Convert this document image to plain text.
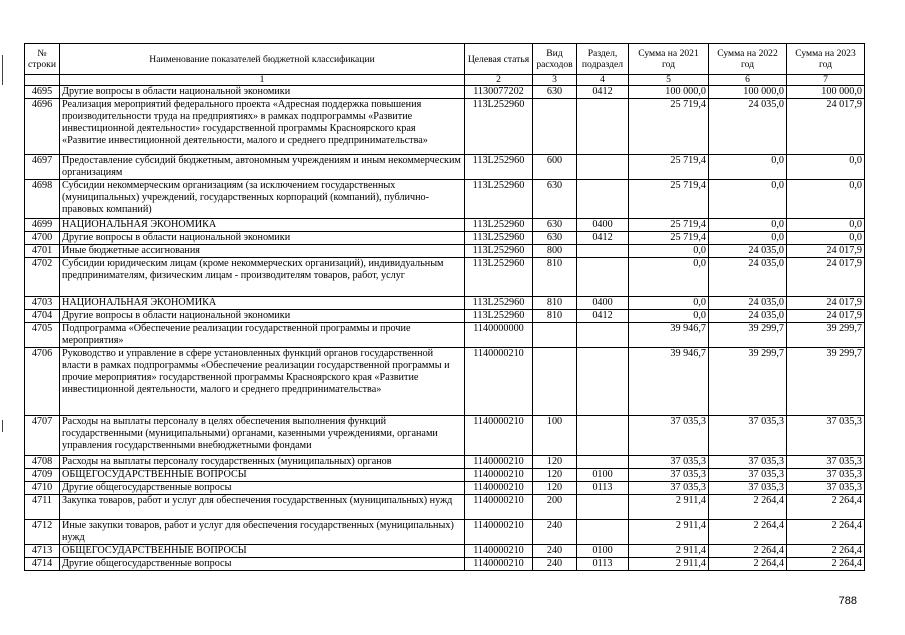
№ строки	Наименование показателей бюджетной классификации	Целевая статья	Вид расходов	Раздел, подраздел	Сумма на 2021 год	Сумма на 2022 год	Сумма на 2023 год
	1	2	3	4	5	6	7
4695	Другие вопросы в области национальной экономики	1130077202	630	0412	100 000,0	100 000,0	100 000,0
4696	Реализация мероприятий федерального проекта «Адресная поддержка повышения производительности труда на предприятиях» в рамках подпрограммы «Развитие инвестиционной деятельности» государственной программы Красноярского края «Развитие инвестиционной деятельности, малого и среднего предпринимательства»	113L252960			25 719,4	24 035,0	24 017,9
4697	Предоставление субсидий бюджетным, автономным учреждениям и иным некоммерческим организациям	113L252960	600		25 719,4	0,0	0,0
4698	Субсидии некоммерческим организациям (за исключением государственных (муниципальных) учреждений, государственных корпораций (компаний), публично-правовых компаний)	113L252960	630		25 719,4	0,0	0,0
4699	НАЦИОНАЛЬНАЯ ЭКОНОМИКА	113L252960	630	0400	25 719,4	0,0	0,0
4700	Другие вопросы в области национальной экономики	113L252960	630	0412	25 719,4	0,0	0,0
4701	Иные бюджетные ассигнования	113L252960	800		0,0	24 035,0	24 017,9
4702	Субсидии юридическим лицам (кроме некоммерческих организаций), индивидуальным предпринимателям, физическим лицам - производителям товаров, работ, услуг	113L252960	810		0,0	24 035,0	24 017,9
4703	НАЦИОНАЛЬНАЯ ЭКОНОМИКА	113L252960	810	0400	0,0	24 035,0	24 017,9
4704	Другие вопросы в области национальной экономики	113L252960	810	0412	0,0	24 035,0	24 017,9
4705	Подпрограмма «Обеспечение реализации государственной программы и прочие мероприятия»	1140000000			39 946,7	39 299,7	39 299,7
4706	Руководство и управление в сфере установленных функций органов государственной власти в рамках подпрограммы «Обеспечение реализации государственной программы и прочие мероприятия» государственной программы Красноярского края «Развитие инвестиционной деятельности, малого и среднего предпринимательства»	1140000210			39 946,7	39 299,7	39 299,7
4707	Расходы на выплаты персоналу в целях обеспечения выполнения функций государственными (муниципальными) органами, казенными учреждениями, органами управления государственными внебюджетными фондами	1140000210	100		37 035,3	37 035,3	37 035,3
4708	Расходы на выплаты персоналу государственных (муниципальных) органов	1140000210	120		37 035,3	37 035,3	37 035,3
4709	ОБЩЕГОСУДАРСТВЕННЫЕ ВОПРОСЫ	1140000210	120	0100	37 035,3	37 035,3	37 035,3
4710	Другие общегосударственные вопросы	1140000210	120	0113	37 035,3	37 035,3	37 035,3
4711	Закупка товаров, работ и услуг для обеспечения государственных (муниципальных) нужд	1140000210	200		2 911,4	2 264,4	2 264,4
4712	Иные закупки товаров, работ и услуг для обеспечения государственных (муниципальных) нужд	1140000210	240		2 911,4	2 264,4	2 264,4
4713	ОБЩЕГОСУДАРСТВЕННЫЕ ВОПРОСЫ	1140000210	240	0100	2 911,4	2 264,4	2 264,4
4714	Другие общегосударственные вопросы	1140000210	240	0113	2 911,4	2 264,4	2 264,4
788
